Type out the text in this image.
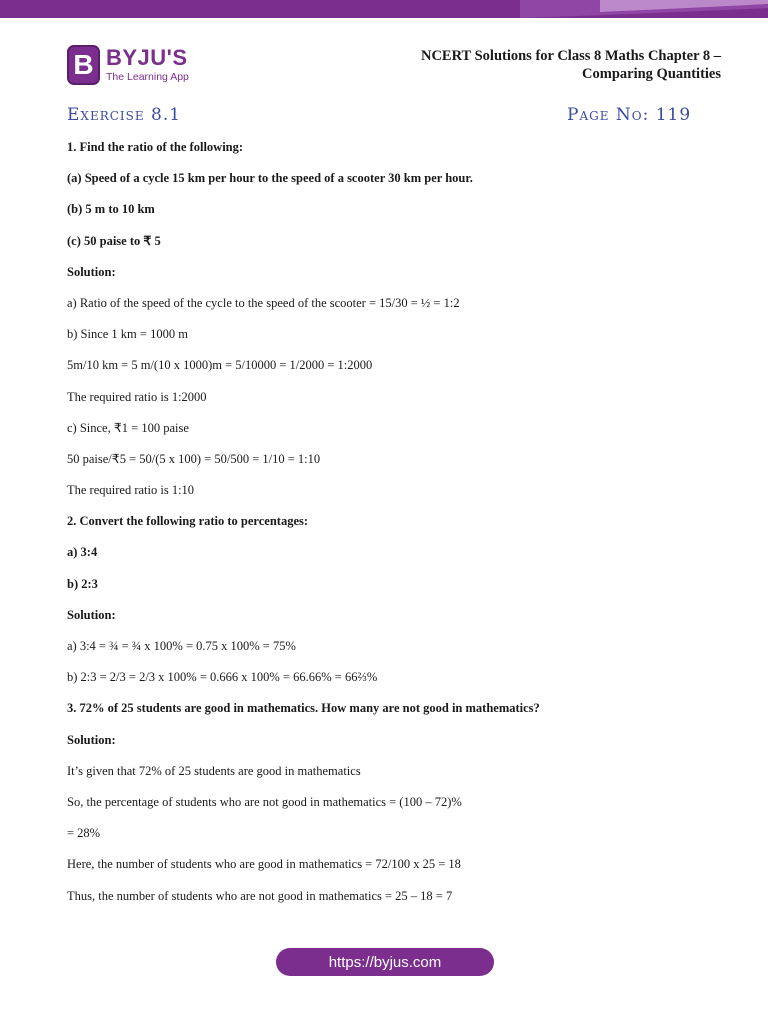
B BYJU'S
The Learning App
NCERT Solutions for Class 8 Maths Chapter 8 –
Comparing Quantities
Exercise 8.1	Page No: 119
1. Find the ratio of the following:
(a) Speed of a cycle 15 km per hour to the speed of a scooter 30 km per hour.
(b) 5 m to 10 km
(c) 50 paise to ₹ 5
Solution:
a) Ratio of the speed of the cycle to the speed of the scooter = 15/30 = ½ = 1:2
b) Since 1 km = 1000 m
5m/10 km = 5 m/(10 x 1000)m = 5/10000 = 1/2000 = 1:2000
The required ratio is 1:2000
c) Since, ₹1 = 100 paise
50 paise/₹5 = 50/(5 x 100) = 50/500 = 1/10 = 1:10
The required ratio is 1:10
2. Convert the following ratio to percentages:
a) 3:4
b) 2:3
Solution:
a) 3:4 = ¾ = ¾ x 100% = 0.75 x 100% = 75%
b) 2:3 = 2/3 = 2/3 x 100% = 0.666 x 100% = 66.66% = 66⅔%
3. 72% of 25 students are good in mathematics. How many are not good in mathematics?
Solution:
It’s given that 72% of 25 students are good in mathematics
So, the percentage of students who are not good in mathematics = (100 – 72)%
= 28%
Here, the number of students who are good in mathematics = 72/100 x 25 = 18
Thus, the number of students who are not good in mathematics = 25 – 18 = 7
https://byjus.com
